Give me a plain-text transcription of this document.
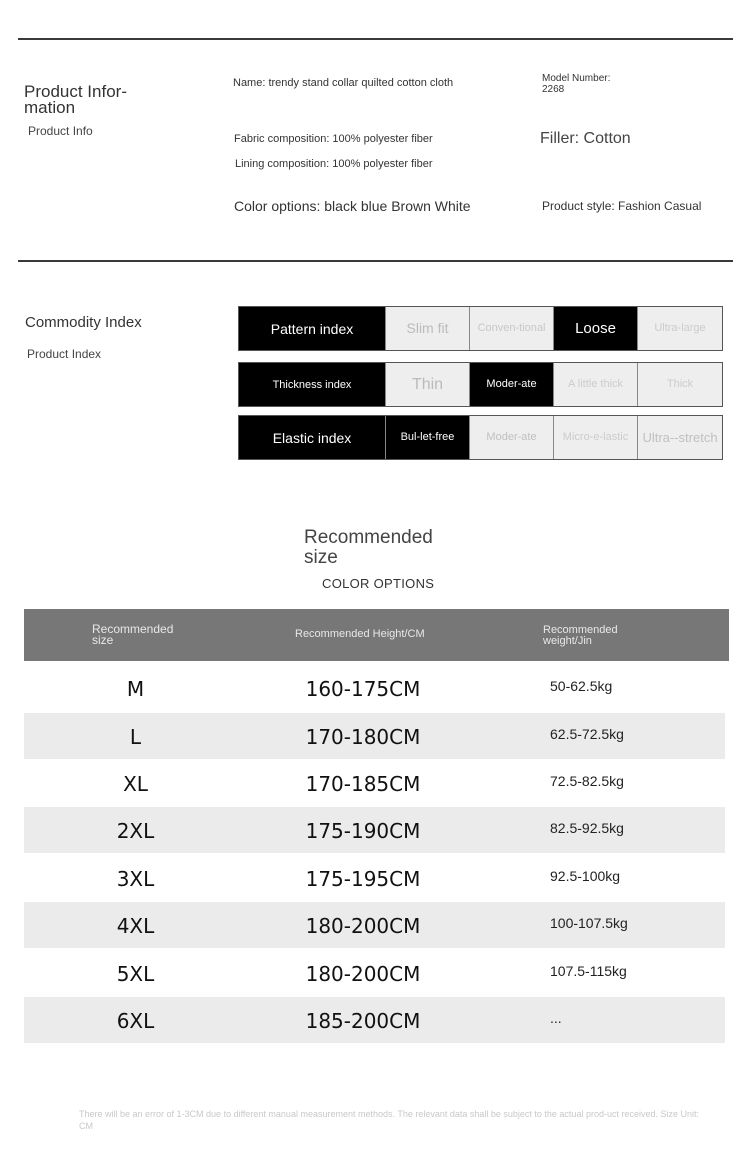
Product Infor-
mation
Product Info
Name: trendy stand collar quilted cotton cloth	Model Number:
2268
Fabric composition: 100% polyester fiber	Filler: Cotton
Lining composition: 100% polyester fiber
Color options: black blue Brown White	Product style: Fashion Casual
Commodity Index
Product Index
Pattern index	Slim fit	Conven-tional	Loose	Ultra-large
Thickness index	Thin	Moder-ate	A little thick	Thick
Elastic index	Bul-let-free	Moder-ate	Micro-e-lastic	Ultra--stretch
Recommended
size
COLOR OPTIONS
Recommended
size	Recommended Height/CM	Recommended
weight/Jin
M	160-175CM	50-62.5kg
L	170-180CM	62.5-72.5kg
XL	170-185CM	72.5-82.5kg
2XL	175-190CM	82.5-92.5kg
3XL	175-195CM	92.5-100kg
4XL	180-200CM	100-107.5kg
5XL	180-200CM	107.5-115kg
6XL	185-200CM	...
There will be an error of 1-3CM due to different manual measurement methods. The relevant data shall be subject to the actual prod-uct received. Size Unit: CM
